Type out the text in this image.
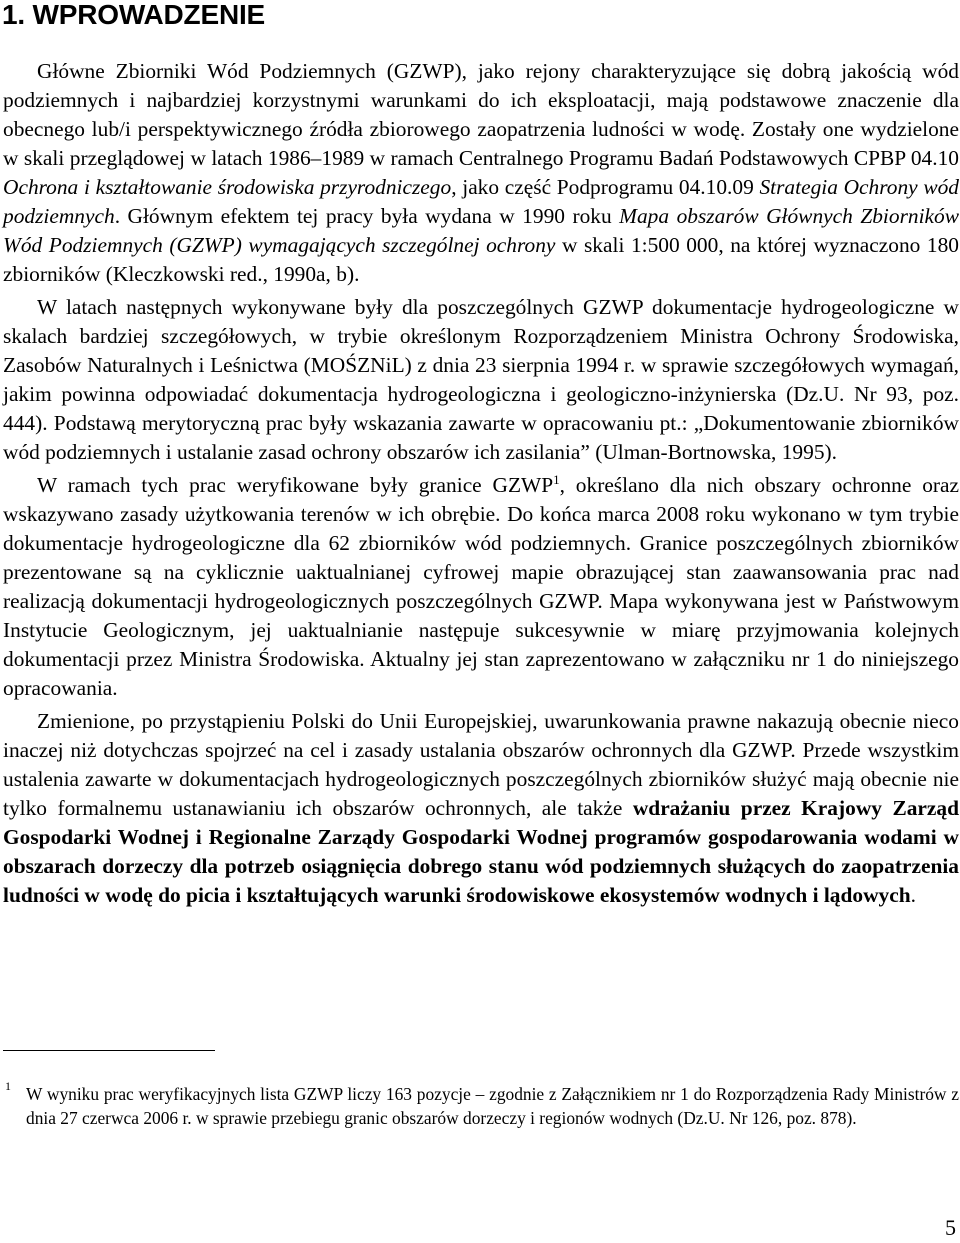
1. WPROWADZENIE

Główne Zbiorniki Wód Podziemnych (GZWP), jako rejony charakteryzujące się dobrą jakością wód podziemnych i najbardziej korzystnymi warunkami do ich eksploatacji, mają podstawowe znaczenie dla obecnego lub/i perspektywicznego źródła zbiorowego zaopatrzenia ludności w wodę. Zostały one wydzielone w skali przeglądowej w latach 1986–1989 w ramach Centralnego Programu Badań Podstawowych CPBP 04.10 Ochrona i kształtowanie środowiska przyrodniczego, jako część Podprogramu 04.10.09 Strategia Ochrony wód podziemnych. Głównym efektem tej pracy była wydana w 1990 roku Mapa obszarów Głównych Zbiorników Wód Podziemnych (GZWP) wymagających szczególnej ochrony w skali 1:500 000, na której wyznaczono 180 zbiorników (Kleczkowski red., 1990a, b).

W latach następnych wykonywane były dla poszczególnych GZWP dokumentacje hydrogeologiczne w skalach bardziej szczegółowych, w trybie określonym Rozporządzeniem Ministra Ochrony Środowiska, Zasobów Naturalnych i Leśnictwa (MOŚZNiL) z dnia 23 sierpnia 1994 r. w sprawie szczegółowych wymagań, jakim powinna odpowiadać dokumentacja hydrogeologiczna i geologiczno-inżynierska (Dz.U. Nr 93, poz. 444). Podstawą merytoryczną prac były wskazania zawarte w opracowaniu pt.: „Dokumentowanie zbiorników wód podziemnych i ustalanie zasad ochrony obszarów ich zasilania” (Ulman-Bortnowska, 1995).

W ramach tych prac weryfikowane były granice GZWP$^1$, określano dla nich obszary ochronne oraz wskazywano zasady użytkowania terenów w ich obrębie. Do końca marca 2008 roku wykonano w tym trybie dokumentacje hydrogeologiczne dla 62 zbiorników wód podziemnych. Granice poszczególnych zbiorników prezentowane są na cyklicznie uaktualnianej cyfrowej mapie obrazującej stan zaawansowania prac nad realizacją dokumentacji hydrogeologicznych poszczególnych GZWP. Mapa wykonywana jest w Państwowym Instytucie Geologicznym, jej uaktualnianie następuje sukcesywnie w miarę przyjmowania kolejnych dokumentacji przez Ministra Środowiska. Aktualny jej stan zaprezentowano w załączniku nr 1 do niniejszego opracowania.

Zmienione, po przystąpieniu Polski do Unii Europejskiej, uwarunkowania prawne nakazują obecnie nieco inaczej niż dotychczas spojrzeć na cel i zasady ustalania obszarów ochronnych dla GZWP. Przede wszystkim ustalenia zawarte w dokumentacjach hydrogeologicznych poszczególnych zbiorników służyć mają obecnie nie tylko formalnemu ustanawianiu ich obszarów ochronnych, ale także wdrażaniu przez Krajowy Zarząd Gospodarki Wodnej i Regionalne Zarządy Gospodarki Wodnej programów gospodarowania wodami w obszarach dorzeczy dla potrzeb osiągnięcia dobrego stanu wód podziemnych służących do zaopatrzenia ludności w wodę do picia i kształtujących warunki środowiskowe ekosystemów wodnych i lądowych.

1 W wyniku prac weryfikacyjnych lista GZWP liczy 163 pozycje – zgodnie z Załącznikiem nr 1 do Rozporządzenia Rady Ministrów z dnia 27 czerwca 2006 r. w sprawie przebiegu granic obszarów dorzeczy i regionów wodnych (Dz.U. Nr 126, poz. 878).

5
